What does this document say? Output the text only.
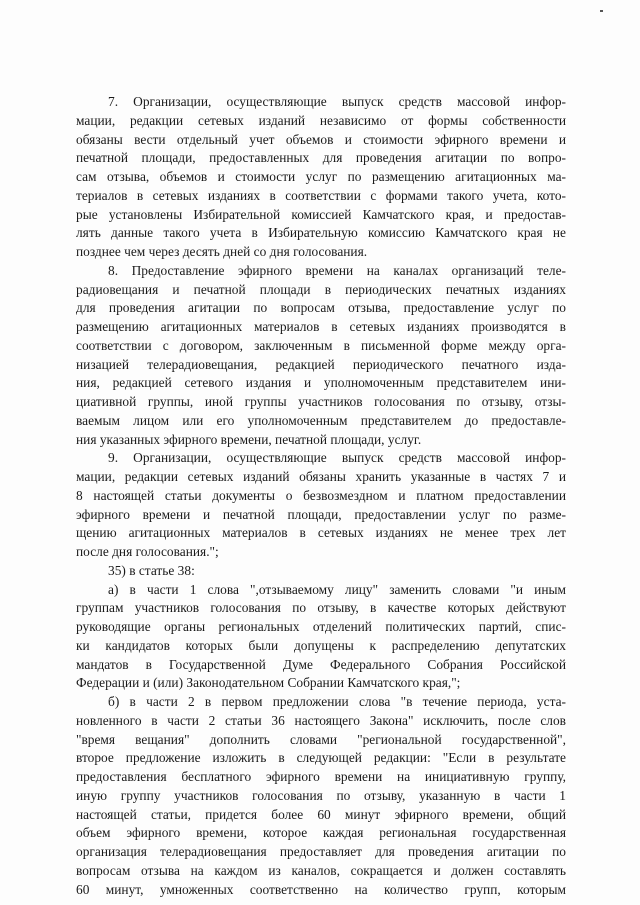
7. Организации, осуществляющие выпуск средств массовой инфор-
мации, редакции сетевых изданий независимо от формы собственности
обязаны вести отдельный учет объемов и стоимости эфирного времени и
печатной площади, предоставленных для проведения агитации по вопро-
сам отзыва, объемов и стоимости услуг по размещению агитационных ма-
териалов в сетевых изданиях в соответствии с формами такого учета, кото-
рые установлены Избирательной комиссией Камчатского края, и предостав-
лять данные такого учета в Избирательную комиссию Камчатского края не
позднее чем через десять дней со дня голосования.
8. Предоставление эфирного времени на каналах организаций теле-
радиовещания и печатной площади в периодических печатных изданиях
для проведения агитации по вопросам отзыва, предоставление услуг по
размещению агитационных материалов в сетевых изданиях производятся в
соответствии с договором, заключенным в письменной форме между орга-
низацией телерадиовещания, редакцией периодического печатного изда-
ния, редакцией сетевого издания и уполномоченным представителем ини-
циативной группы, иной группы участников голосования по отзыву, отзы-
ваемым лицом или его уполномоченным представителем до предоставле-
ния указанных эфирного времени, печатной площади, услуг.
9. Организации, осуществляющие выпуск средств массовой инфор-
мации, редакции сетевых изданий обязаны хранить указанные в частях 7 и
8 настоящей статьи документы о безвозмездном и платном предоставлении
эфирного времени и печатной площади, предоставлении услуг по разме-
щению агитационных материалов в сетевых изданиях не менее трех лет
после дня голосования.";
35) в статье 38:
а) в части 1 слова ",отзываемому лицу" заменить словами "и иным
группам участников голосования по отзыву, в качестве которых действуют
руководящие органы региональных отделений политических партий, спис-
ки кандидатов которых были допущены к распределению депутатских
мандатов в Государственной Думе Федерального Собрания Российской
Федерации и (или) Законодательном Собрании Камчатского края,";
б) в части 2 в первом предложении слова "в течение периода, уста-
новленного в части 2 статьи 36 настоящего Закона" исключить, после слов
"время вещания" дополнить словами "региональной государственной",
второе предложение изложить в следующей редакции: "Если в результате
предоставления бесплатного эфирного времени на инициативную группу,
иную группу участников голосования по отзыву, указанную в части 1
настоящей статьи, придется более 60 минут эфирного времени, общий
объем эфирного времени, которое каждая региональная государственная
организация телерадиовещания предоставляет для проведения агитации по
вопросам отзыва на каждом из каналов, сокращается и должен составлять
60 минут, умноженных соответственно на количество групп, которым
